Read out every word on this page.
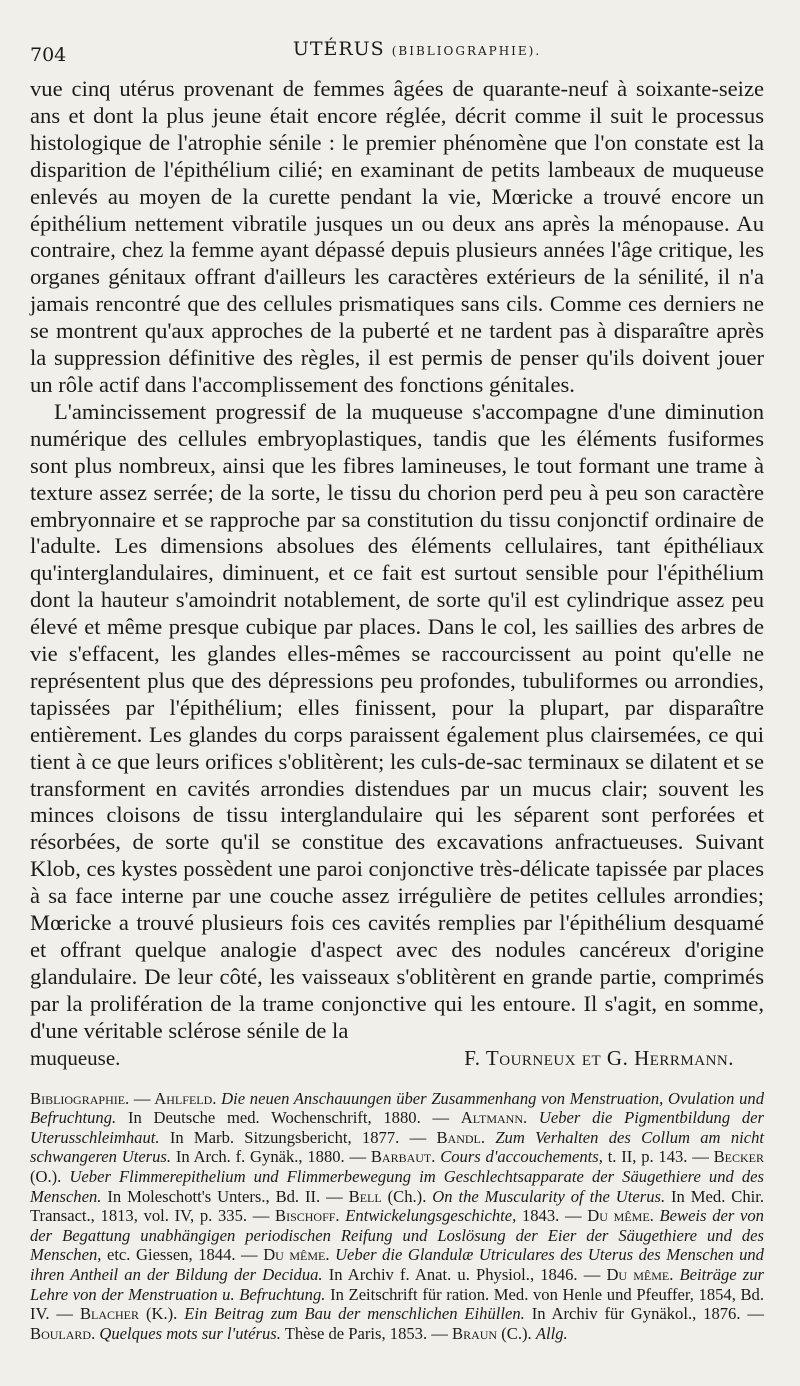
704	UTÉRUS (BIBLIOGRAPHIE).

vue cinq utérus provenant de femmes âgées de quarante-neuf à soixante-seize ans et dont la plus jeune était encore réglée, décrit comme il suit le processus histologique de l'atrophie sénile : le premier phénomène que l'on constate est la disparition de l'épithélium cilié; en examinant de petits lambeaux de muqueuse enlevés au moyen de la curette pendant la vie, Mœricke a trouvé encore un épithélium nettement vibratile jusques un ou deux ans après la ménopause. Au contraire, chez la femme ayant dépassé depuis plusieurs années l'âge critique, les organes génitaux offrant d'ailleurs les caractères extérieurs de la sénilité, il n'a jamais rencontré que des cellules prismatiques sans cils. Comme ces derniers ne se montrent qu'aux approches de la puberté et ne tardent pas à disparaître après la suppression définitive des règles, il est permis de penser qu'ils doivent jouer un rôle actif dans l'accomplissement des fonctions génitales.

L'amincissement progressif de la muqueuse s'accompagne d'une diminution numérique des cellules embryoplastiques, tandis que les éléments fusiformes sont plus nombreux, ainsi que les fibres lamineuses, le tout formant une trame à texture assez serrée; de la sorte, le tissu du chorion perd peu à peu son caractère embryonnaire et se rapproche par sa constitution du tissu conjonctif ordinaire de l'adulte. Les dimensions absolues des éléments cellulaires, tant épithéliaux qu'interglandulaires, diminuent, et ce fait est surtout sensible pour l'épithélium dont la hauteur s'amoindrit notablement, de sorte qu'il est cylindrique assez peu élevé et même presque cubique par places. Dans le col, les saillies des arbres de vie s'effacent, les glandes elles-mêmes se raccourcissent au point qu'elle ne représentent plus que des dépressions peu profondes, tubuliformes ou arrondies, tapissées par l'épithélium; elles finissent, pour la plupart, par disparaître entièrement. Les glandes du corps paraissent également plus clairsemées, ce qui tient à ce que leurs orifices s'oblitèrent; les culs-de-sac terminaux se dilatent et se transforment en cavités arrondies distendues par un mucus clair; souvent les minces cloisons de tissu interglandulaire qui les séparent sont perforées et résorbées, de sorte qu'il se constitue des excavations anfractueuses. Suivant Klob, ces kystes possèdent une paroi conjonctive très-délicate tapissée par places à sa face interne par une couche assez irrégulière de petites cellules arrondies; Mœricke a trouvé plusieurs fois ces cavités remplies par l'épithélium desquamé et offrant quelque analogie d'aspect avec des nodules cancéreux d'origine glandulaire. De leur côté, les vaisseaux s'oblitèrent en grande partie, comprimés par la prolifération de la trame conjonctive qui les entoure. Il s'agit, en somme, d'une véritable sclérose sénile de la

muqueuse.	F. Tourneux et G. Herrmann.
Bibliographie. — Ahlfeld. Die neuen Anschauungen über Zusammenhang von Menstruation, Ovulation und Befruchtung. In Deutsche med. Wochenschrift, 1880. — Altmann. Ueber die Pigmentbildung der Uterusschleimhaut. In Marb. Sitzungsbericht, 1877. — Bandl. Zum Verhalten des Collum am nicht schwangeren Uterus. In Arch. f. Gynäk., 1880. — Barbaut. Cours d'accouchements, t. II, p. 143. — Becker (O.). Ueber Flimmerepithelium und Flimmerbewegung im Geschlechtsapparate der Säugethiere und des Menschen. In Moleschott's Unters., Bd. II. — Bell (Ch.). On the Muscularity of the Uterus. In Med. Chir. Transact., 1813, vol. IV, p. 335. — Bischoff. Entwickelungsgeschichte, 1843. — Du même. Beweis der von der Begattung unabhängigen periodischen Reifung und Loslösung der Eier der Säugethiere und des Menschen, etc. Giessen, 1844. — Du même. Ueber die Glandulæ Utriculares des Uterus des Menschen und ihren Antheil an der Bildung der Decidua. In Archiv f. Anat. u. Physiol., 1846. — Du même. Beiträge zur Lehre von der Menstruation u. Befruchtung. In Zeitschrift für ration. Med. von Henle und Pfeuffer, 1854, Bd. IV. — Blacher (K.). Ein Beitrag zum Bau der menschlichen Eihüllen. In Archiv für Gynäkol., 1876. — Boulard. Quelques mots sur l'utérus. Thèse de Paris, 1853. — Braun (C.). Allg.
